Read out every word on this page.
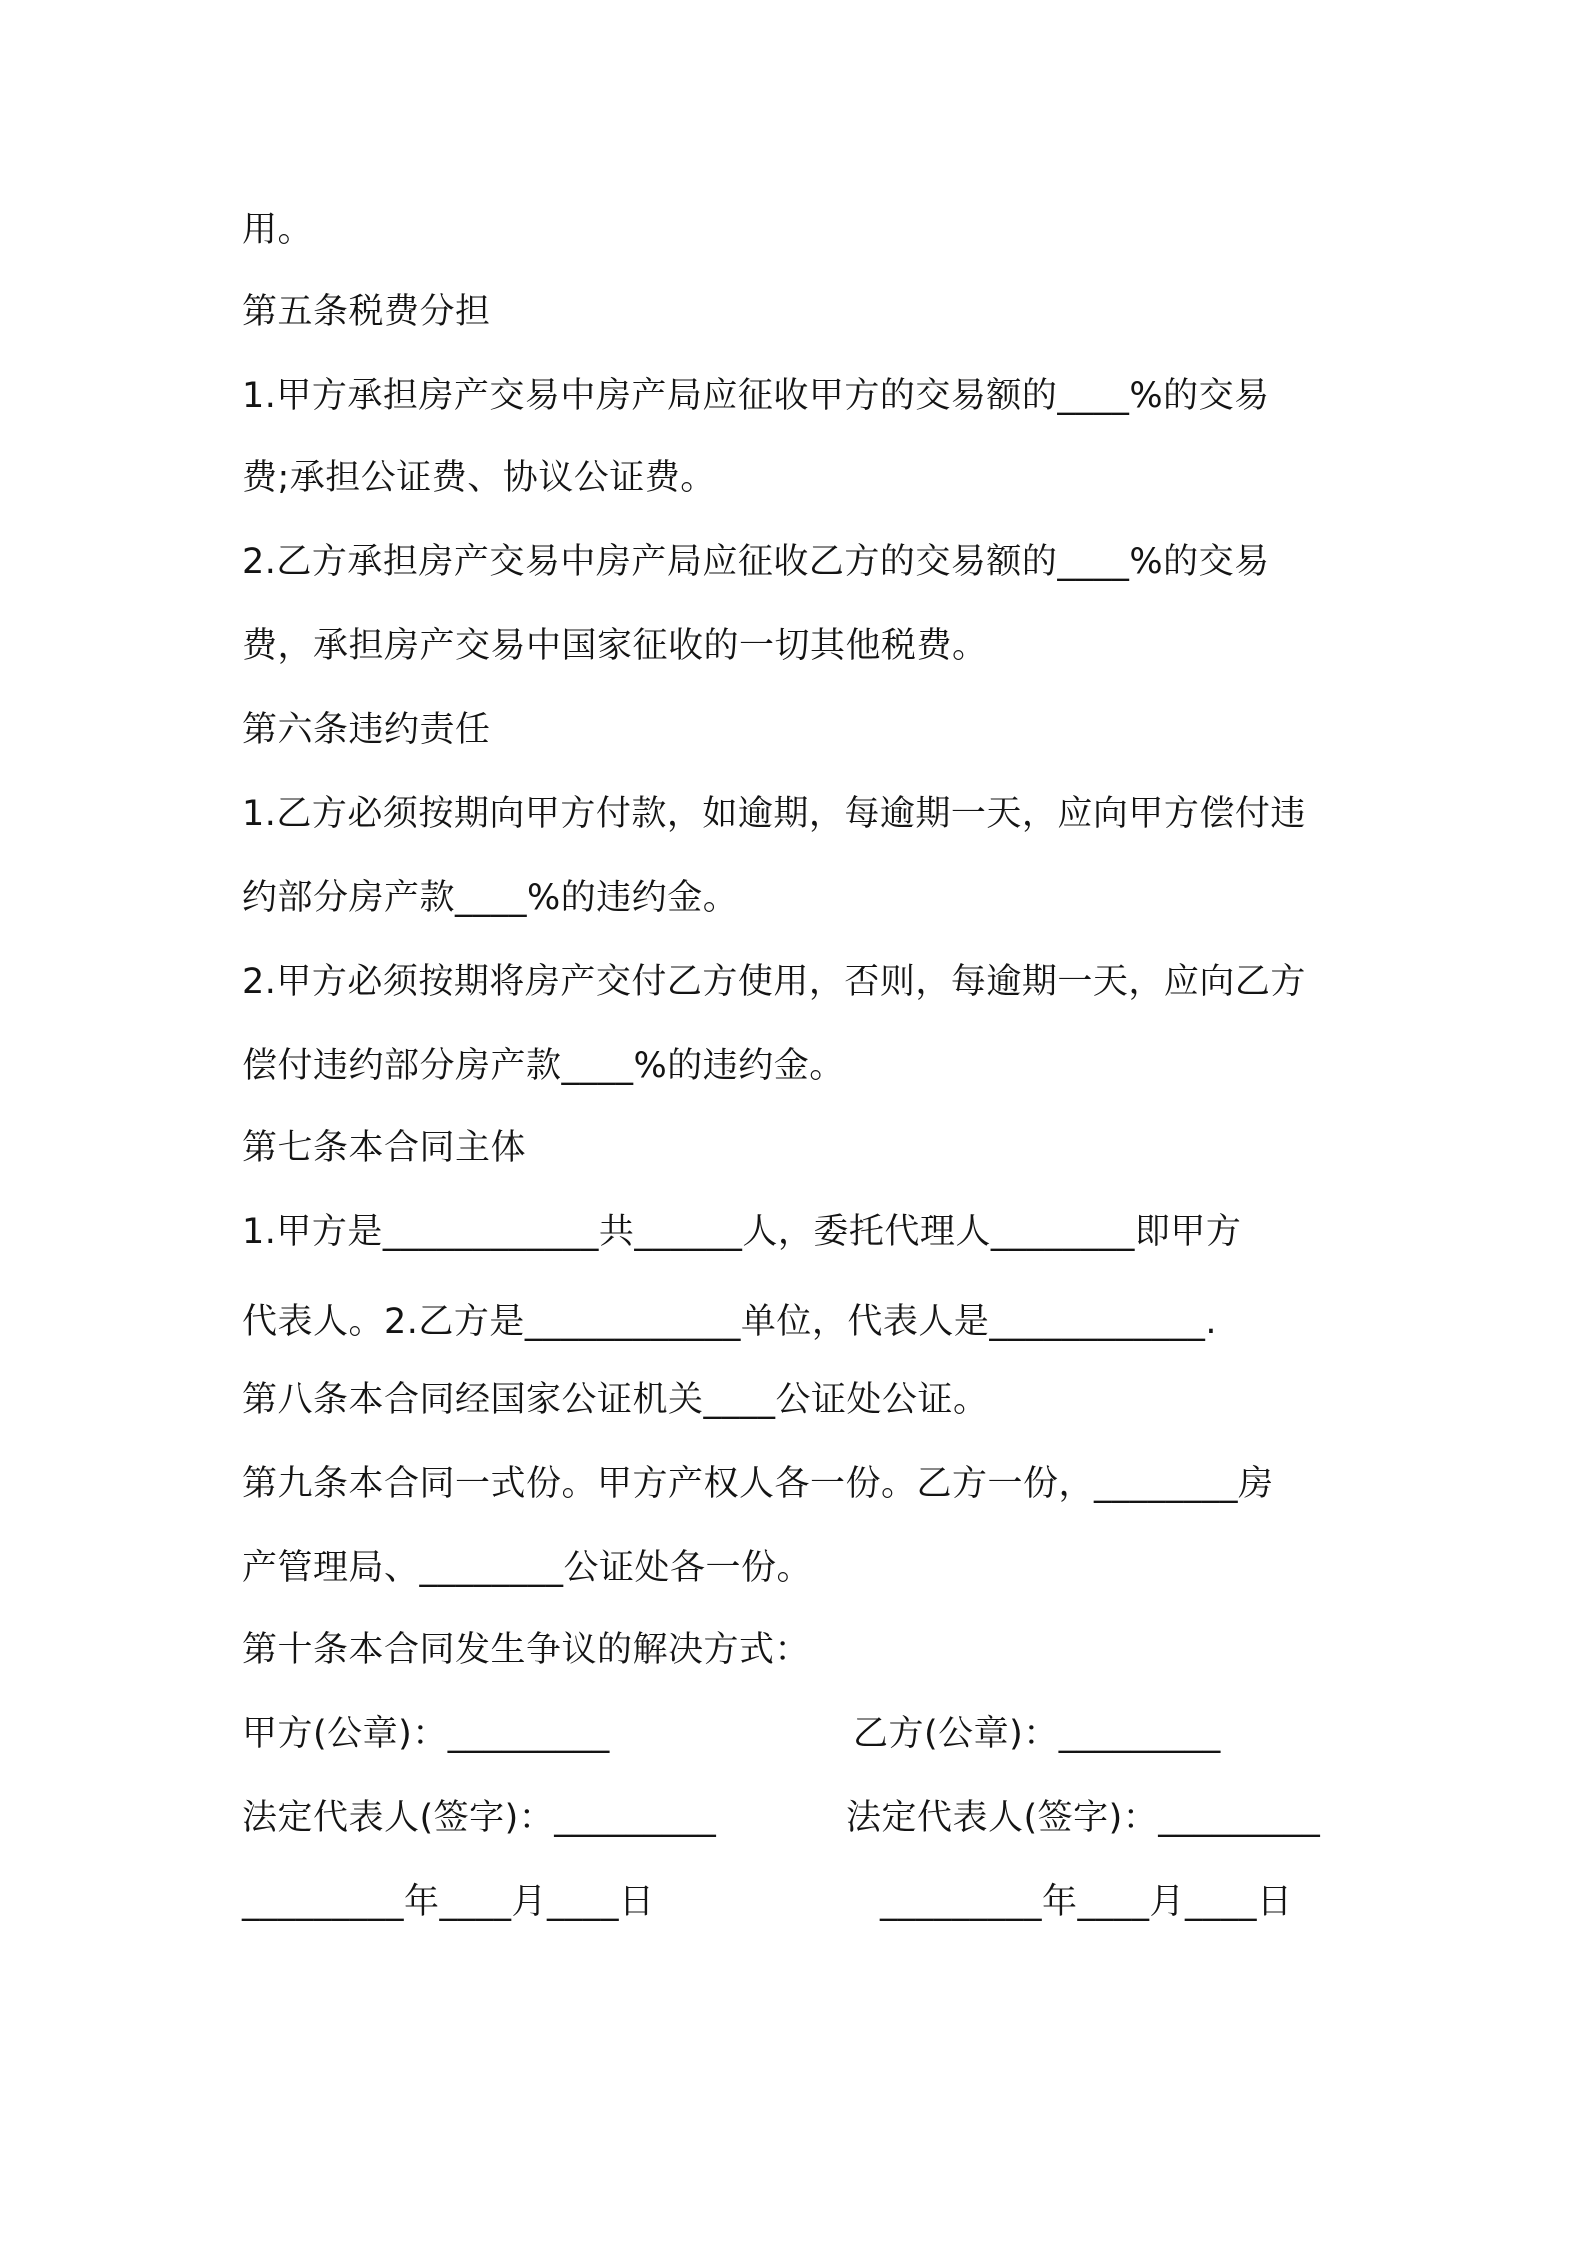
用。
第五条税费分担
1.甲方承担房产交易中房产局应征收甲方的交易额的____%的交易
费;承担公证费、协议公证费。
2.乙方承担房产交易中房产局应征收乙方的交易额的____%的交易
费，承担房产交易中国家征收的一切其他税费。
第六条违约责任
1.乙方必须按期向甲方付款，如逾期，每逾期一天，应向甲方偿付违
约部分房产款____%的违约金。
2.甲方必须按期将房产交付乙方使用，否则，每逾期一天，应向乙方
偿付违约部分房产款____%的违约金。
第七条本合同主体
1.甲方是____________共______人，委托代理人________即甲方
代表人。2.乙方是____________单位，代表人是____________.
第八条本合同经国家公证机关____公证处公证。
第九条本合同一式份。甲方产权人各一份。乙方一份，________房
产管理局、________公证处各一份。
第十条本合同发生争议的解决方式：
甲方(公章)：_________	乙方(公章)：_________
法定代表人(签字)：_________	法定代表人(签字)：_________
_________年____月____日	_________年____月____日
